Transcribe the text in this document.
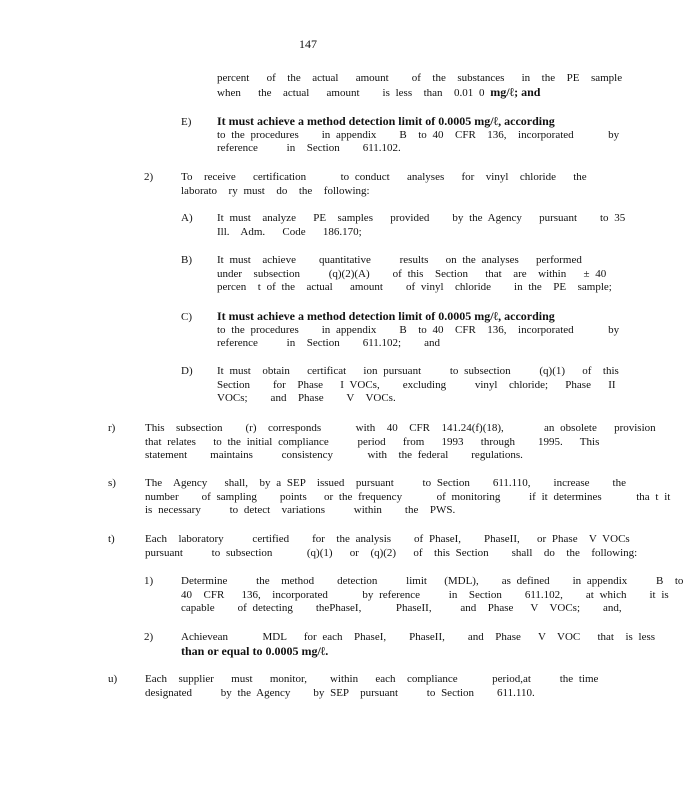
147
percent   of  the  actual   amount    of  the  substances   in  the  PE  sample
when   the  actual   amount    is less  than  0.01 0 mg/ℓ; and
E) It must achieve a method detection limit of 0.0005 mg/ℓ, according
to the procedures    in appendix    B  to 40  CFR  136,  incorporated      by
reference     in  Section    611.102.
2)	To  receive   certification      to conduct   analyses   for  vinyl  chloride   the
laborato  ry must  do  the  following:
A) It must  analyze   PE  samples   provided    by the Agency   pursuant    to 35
Ill.  Adm.   Code   186.170;
B) It must  achieve    quantitative     results   on the analyses   performed
under  subsection     (q)(2)(A)    of this  Section   that  are  within   ± 40
percen  t of the  actual   amount    of vinyl  chloride    in the  PE  sample;
C) It must achieve a method detection limit of 0.0005 mg/ℓ, according
to the procedures    in appendix    B  to 40  CFR  136,  incorporated      by
reference     in  Section    611.102;    and
D) It must  obtain   certificat   ion pursuant     to subsection     (q)(1)   of  this
Section    for  Phase   I VOCs,    excluding     vinyl  chloride;   Phase   II
VOCs;    and  Phase    V  VOCs.
r)	This  subsection    (r)  corresponds      with  40  CFR  141.24(f)(18),       an obsolete   provision
that relates   to the initial compliance     period   from   1993   through    1995.   This
statement    maintains     consistency      with  the federal    regulations.
s)	The  Agency   shall,  by a SEP  issued  pursuant     to Section    611.110,    increase    the
number    of sampling    points   or the frequency      of monitoring     if it determines      tha t it
is necessary     to detect  variations     within    the  PWS.
t)	Each  laboratory     certified    for  the analysis    of PhaseI,    PhaseII,   or Phase  V VOCs
pursuant     to subsection      (q)(1)   or  (q)(2)   of  this Section    shall  do  the  following:
1)	Determine     the  method    detection     limit   (MDL),    as defined    in appendix     B  to
40  CFR   136,  incorporated      by reference     in  Section    611.102,    at which    it is
capable    of detecting    thePhaseI,      PhaseII,     and  Phase   V  VOCs;    and,
2)	Achievean      MDL   for each  PhaseI,    PhaseII,    and  Phase   V  VOC   that  is less
than or equal to 0.0005 mg/ℓ.
u)	Each  supplier   must   monitor,    within   each  compliance      period,at     the time
designated     by the Agency    by SEP  pursuant     to Section    611.110.
